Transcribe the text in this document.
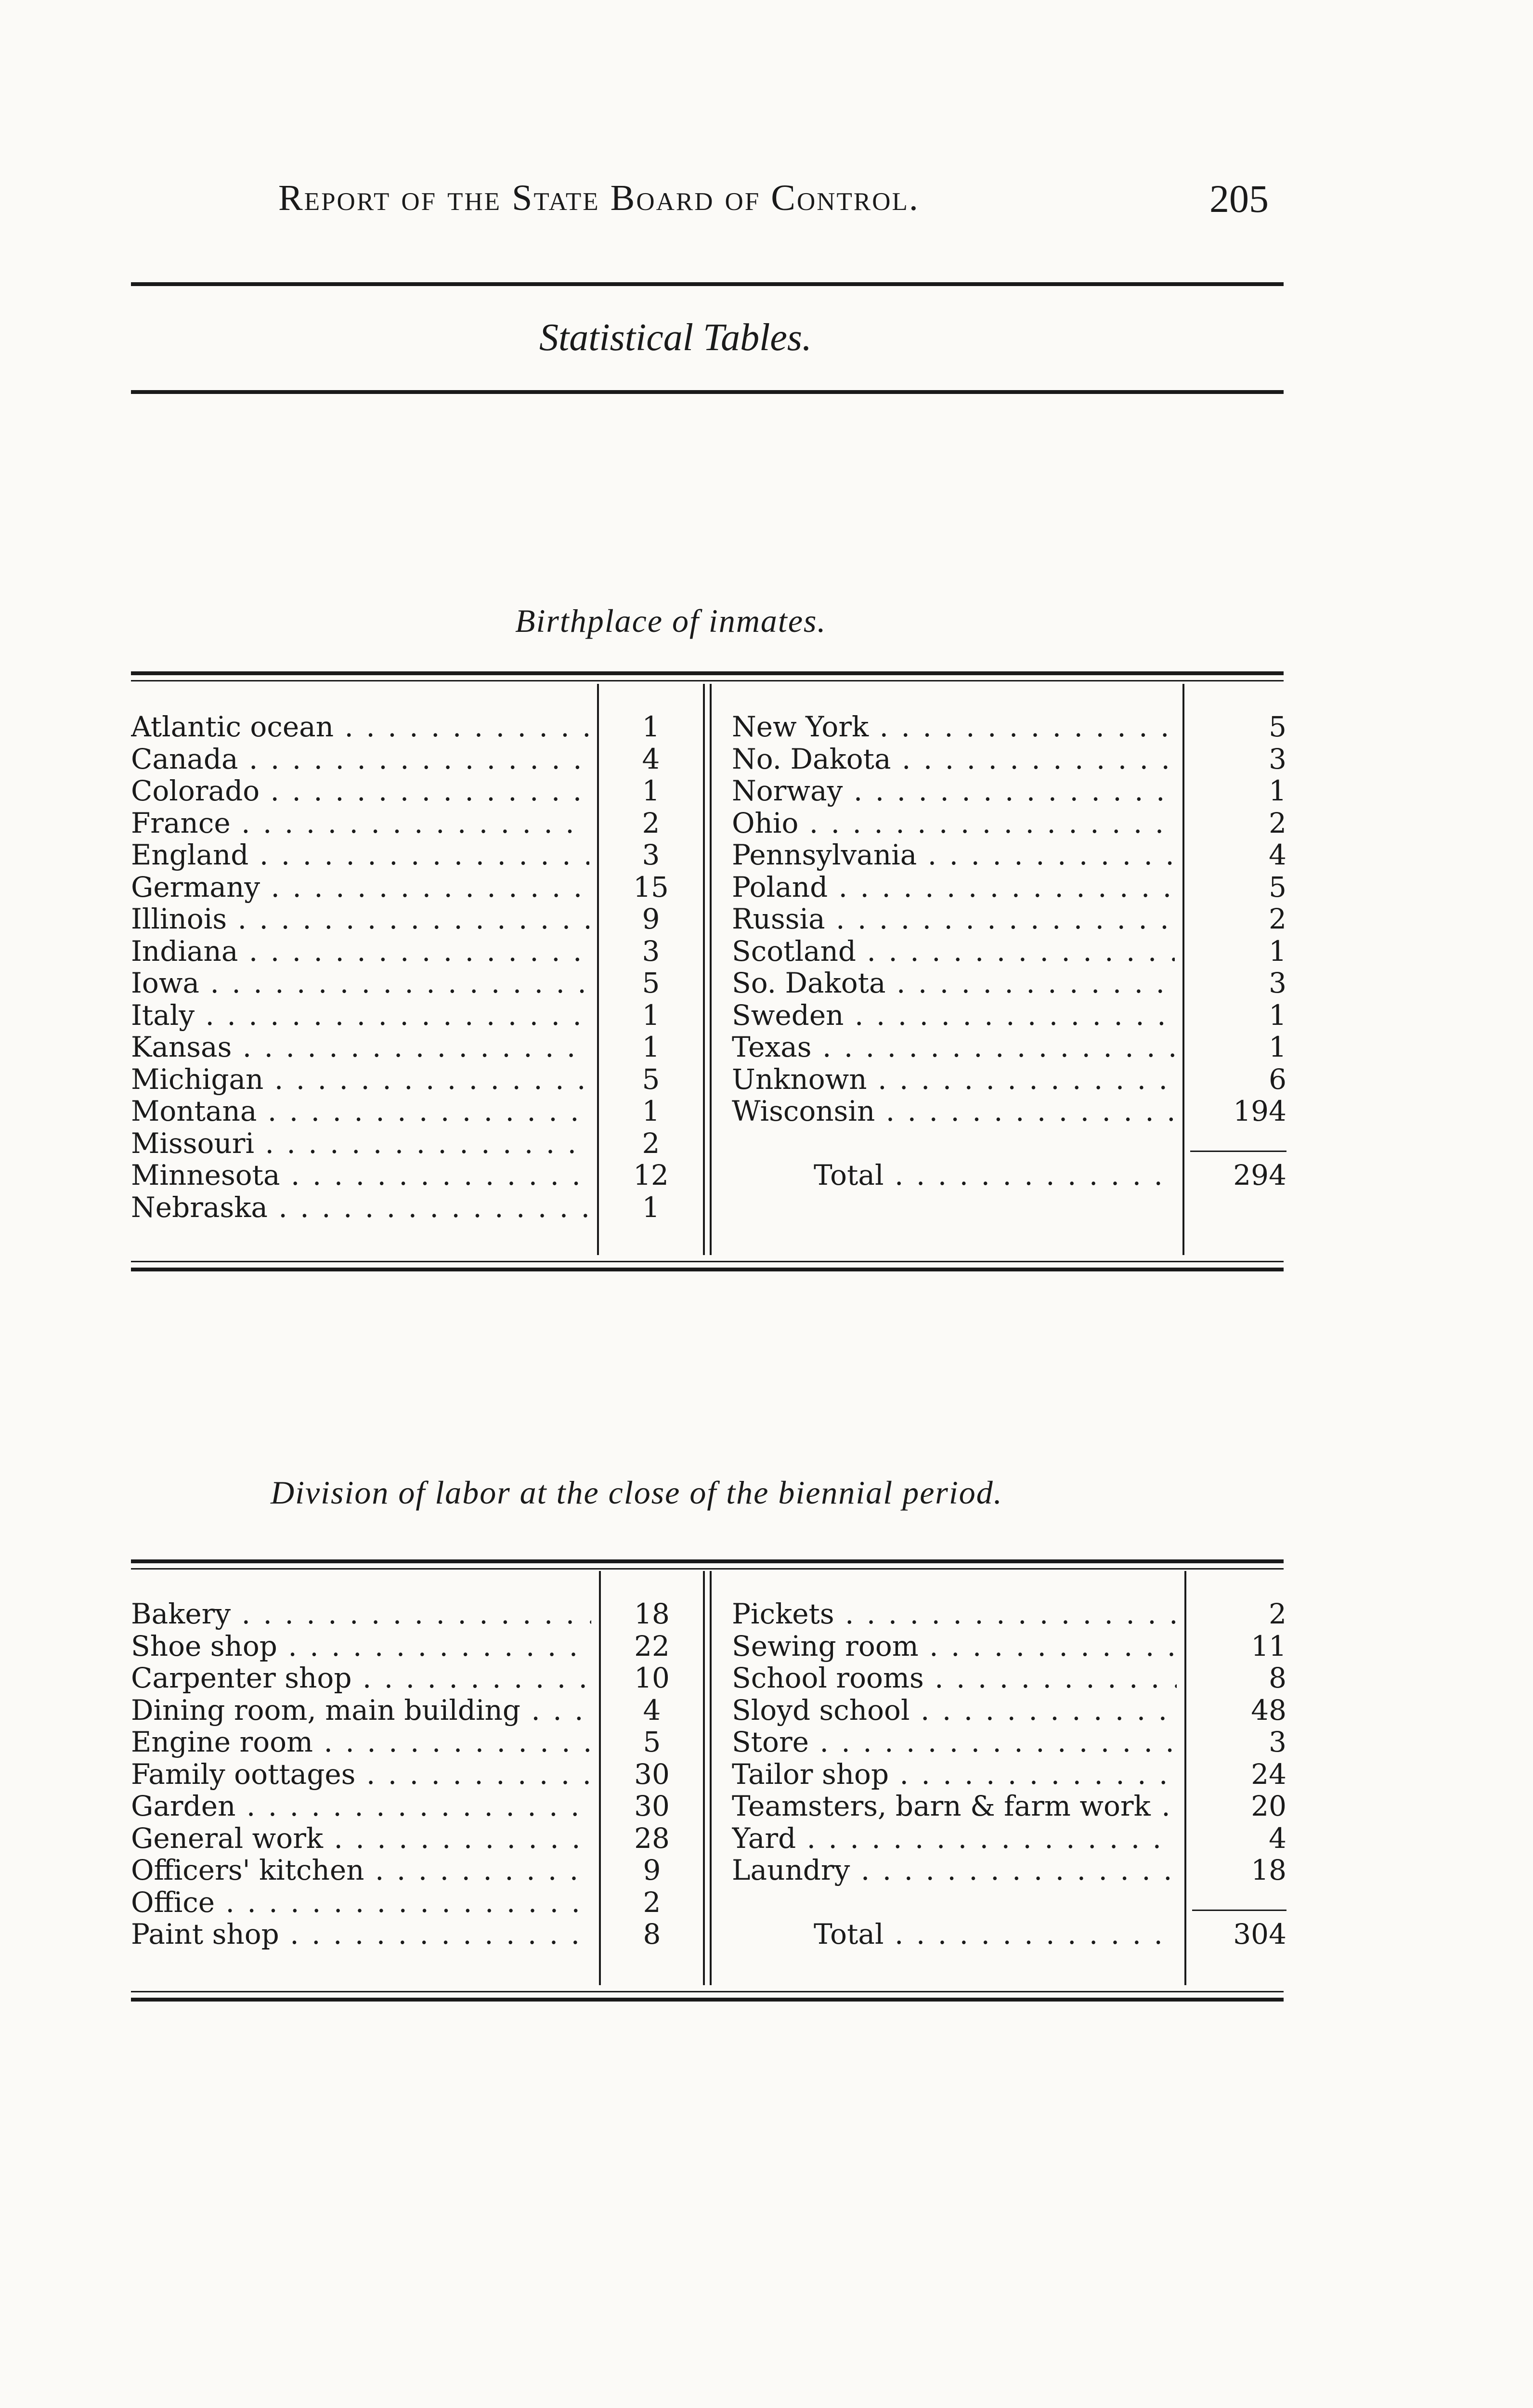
Report of the State Board of Control.	205
Statistical Tables.
Birthplace of inmates.
Atlantic ocean . . .	1
Canada . . .	4
Colorado . . .	1
France . . .	2
England . . .	3
Germany . . .	15
Illinois . . .	9
Indiana . . .	3
Iowa . . .	5
Italy . . .	1
Kansas . . .	1
Michigan . . .	5
Montana . . .	1
Missouri . . .	2
Minnesota . . .	12
Nebraska . . .	1
New York . . .	5
No. Dakota . . .	3
Norway . . .	1
Ohio . . .	2
Pennsylvania . . .	4
Poland . . .	5
Russia . . .	2
Scotland . . .	1
So. Dakota . . .	3
Sweden . . .	1
Texas . . .	1
Unknown . . .	6
Wisconsin . . .	194
Total . . .	294
Division of labor at the close of the biennial period.
Bakery . . .	18
Shoe shop . . .	22
Carpenter shop . . .	10
Dining room, main building . . .	4
Engine room . . .	5
Family oottages . . .	30
Garden . . .	30
General work . . .	28
Officers' kitchen . . .	9
Office . . .	2
Paint shop . . .	8
Pickets . . .	2
Sewing room . . .	11
School rooms . . .	8
Sloyd school . . .	48
Store . . .	3
Tailor shop . . .	24
Teamsters, barn & farm work . . .	20
Yard . . .	4
Laundry . . .	18
Total . . .	304
